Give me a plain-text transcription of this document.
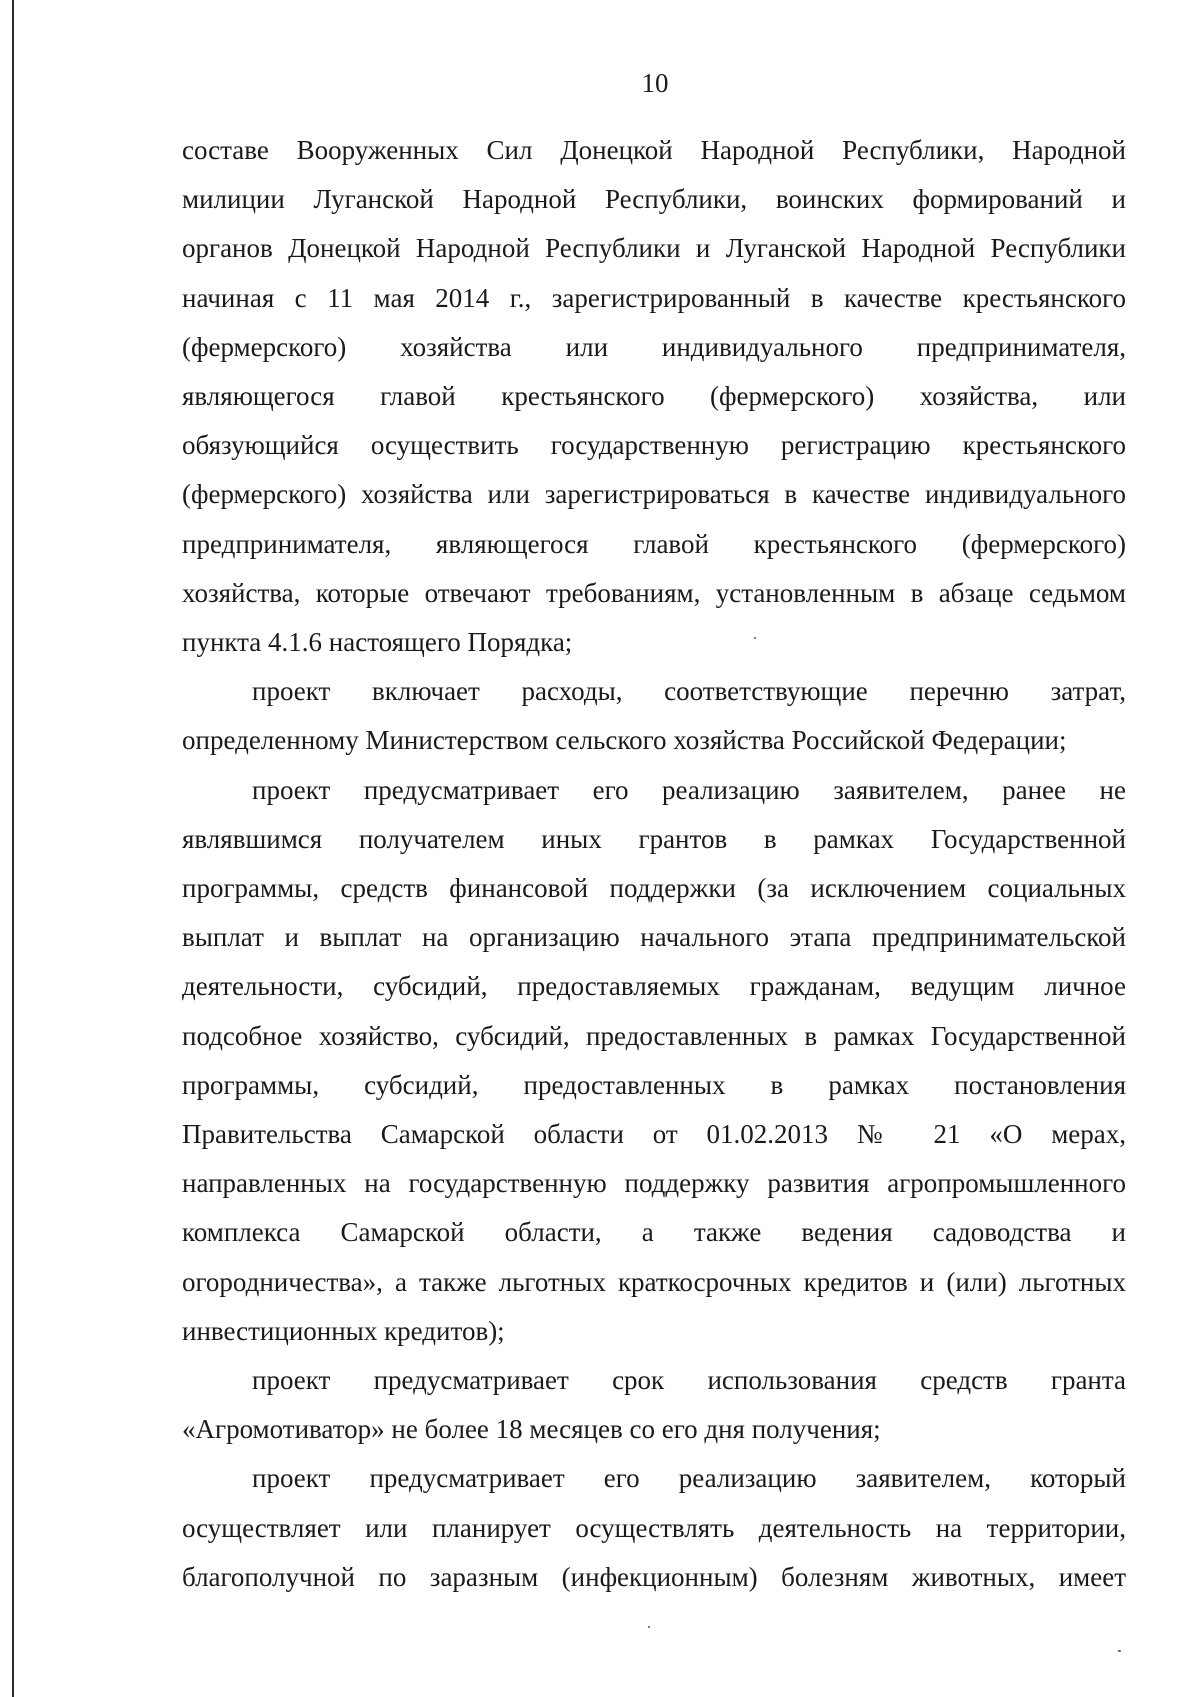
10
составе Вооруженных Сил Донецкой Народной Республики, Народной
милиции Луганской Народной Республики, воинских формирований и
органов Донецкой Народной Республики и Луганской Народной Республики
начиная с 11 мая 2014 г., зарегистрированный в качестве крестьянского
(фермерского) хозяйства или индивидуального предпринимателя,
являющегося главой крестьянского (фермерского) хозяйства, или
обязующийся осуществить государственную регистрацию крестьянского
(фермерского) хозяйства или зарегистрироваться в качестве индивидуального
предпринимателя, являющегося главой крестьянского (фермерского)
хозяйства, которые отвечают требованиям, установленным в абзаце седьмом
пункта 4.1.6 настоящего Порядка;
проект включает расходы, соответствующие перечню затрат,
определенному Министерством сельского хозяйства Российской Федерации;
проект предусматривает его реализацию заявителем, ранее не
являвшимся получателем иных грантов в рамках Государственной
программы, средств финансовой поддержки (за исключением социальных
выплат и выплат на организацию начального этапа предпринимательской
деятельности, субсидий, предоставляемых гражданам, ведущим личное
подсобное хозяйство, субсидий, предоставленных в рамках Государственной
программы, субсидий, предоставленных в рамках постановления
Правительства Самарской области от 01.02.2013 № 21 «О мерах,
направленных на государственную поддержку развития агропромышленного
комплекса Самарской области, а также ведения садоводства и
огородничества», а также льготных краткосрочных кредитов и (или) льготных
инвестиционных кредитов);
проект предусматривает срок использования средств гранта
«Агромотиватор» не более 18 месяцев со его дня получения;
проект предусматривает его реализацию заявителем, который
осуществляет или планирует осуществлять деятельность на территории,
благополучной по заразным (инфекционным) болезням животных, имеет
